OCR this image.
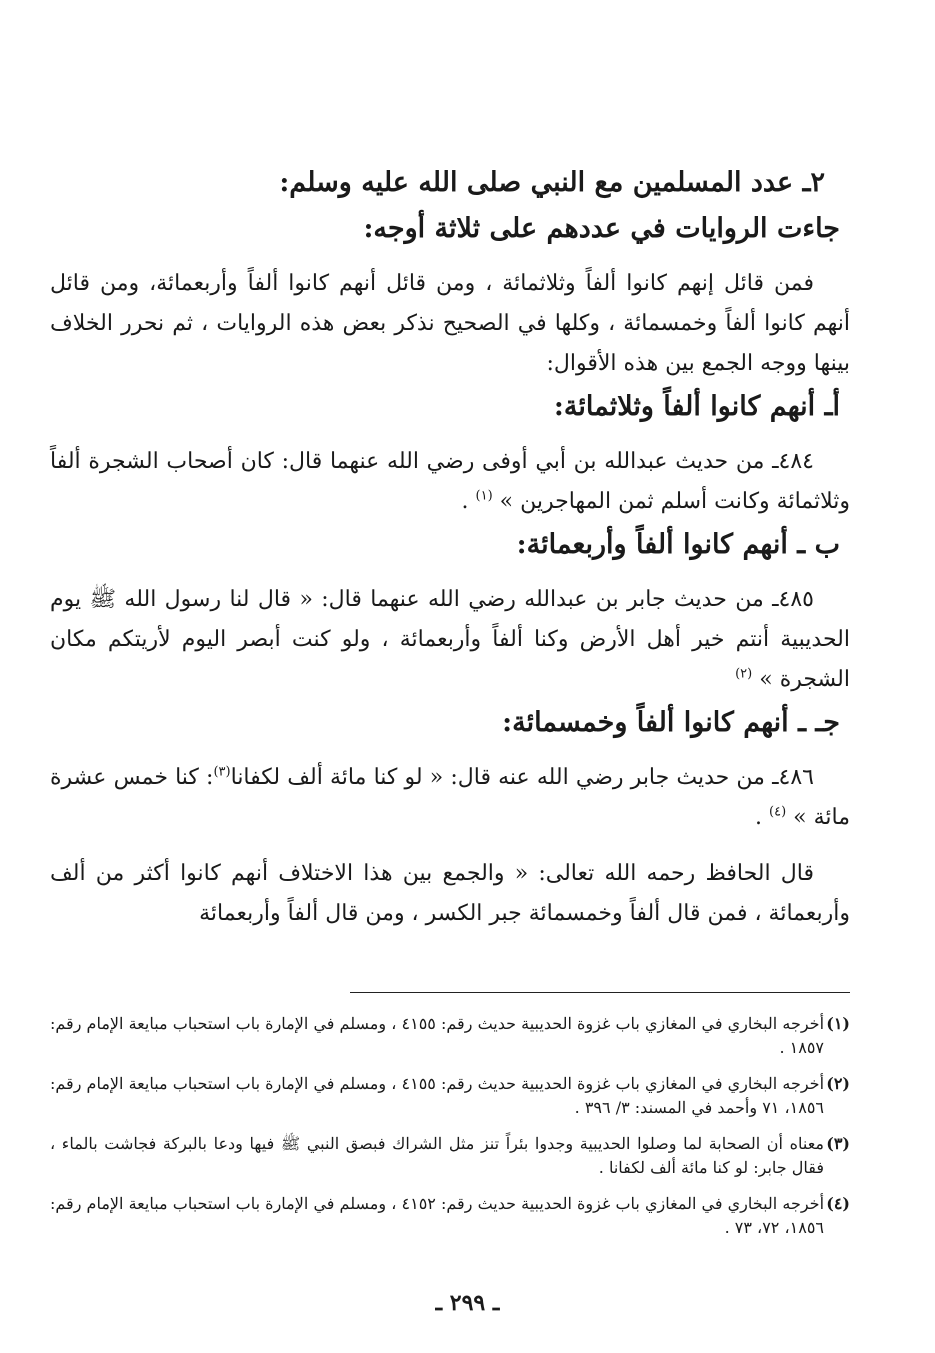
٢ـ عدد المسلمين مع النبي صلى الله عليه وسلم:

جاءت الروايات في عددهم على ثلاثة أوجه:

فمن قائل إنهم كانوا ألفاً وثلاثمائة ، ومن قائل أنهم كانوا ألفاً وأربعمائة، ومن قائل أنهم كانوا ألفاً وخمسمائة ، وكلها في الصحيح نذكر بعض هذه الروايات ، ثم نحرر الخلاف بينها ووجه الجمع بين هذه الأقوال:

أـ أنهم كانوا ألفاً وثلاثمائة:

٤٨٤ـ من حديث عبدالله بن أبي أوفى رضي الله عنهما قال: كان أصحاب الشجرة ألفاً وثلاثمائة وكانت أسلم ثمن المهاجرين » $^{(١)}$ .

ب ـ أنهم كانوا ألفاً وأربعمائة:

٤٨٥ـ من حديث جابر بن عبدالله رضي الله عنهما قال: « قال لنا رسول الله ﷺ يوم الحديبية أنتم خير أهل الأرض وكنا ألفاً وأربعمائة ، ولو كنت أبصر اليوم لأريتكم مكان الشجرة » $^{(٢)}$

جـ ـ أنهم كانوا ألفاً وخمسمائة:

٤٨٦ـ من حديث جابر رضي الله عنه قال: « لو كنا مائة ألف لكفانا$^{(٣)}$: كنا خمس عشرة مائة » $^{(٤)}$ .

قال الحافظ رحمه الله تعالى: « والجمع بين هذا الاختلاف أنهم كانوا أكثر من ألف وأربعمائة ، فمن قال ألفاً وخمسمائة جبر الكسر ، ومن قال ألفاً وأربعمائة

(١)
أخرجه البخاري في المغازي باب غزوة الحديبية حديث رقم: ٤١٥٥ ، ومسلم في الإمارة باب استحباب مبايعة الإمام رقم: ١٨٥٧ .
(٢)
أخرجه البخاري في المغازي باب غزوة الحديبية حديث رقم: ٤١٥٥ ، ومسلم في الإمارة باب استحباب مبايعة الإمام رقم: ١٨٥٦، ٧١ وأحمد في المسند: ٣/ ٣٩٦ .
(٣)
معناه أن الصحابة لما وصلوا الحديبية وجدوا بئراً تنز مثل الشراك فبصق النبي ﷺ فيها ودعا بالبركة فجاشت بالماء ، فقال جابر: لو كنا مائة ألف لكفانا .
(٤)
أخرجه البخاري في المغازي باب غزوة الحديبية حديث رقم: ٤١٥٢ ، ومسلم في الإمارة باب استحباب مبايعة الإمام رقم: ١٨٥٦، ٧٢، ٧٣ .
ـ ٢٩٩ ـ
